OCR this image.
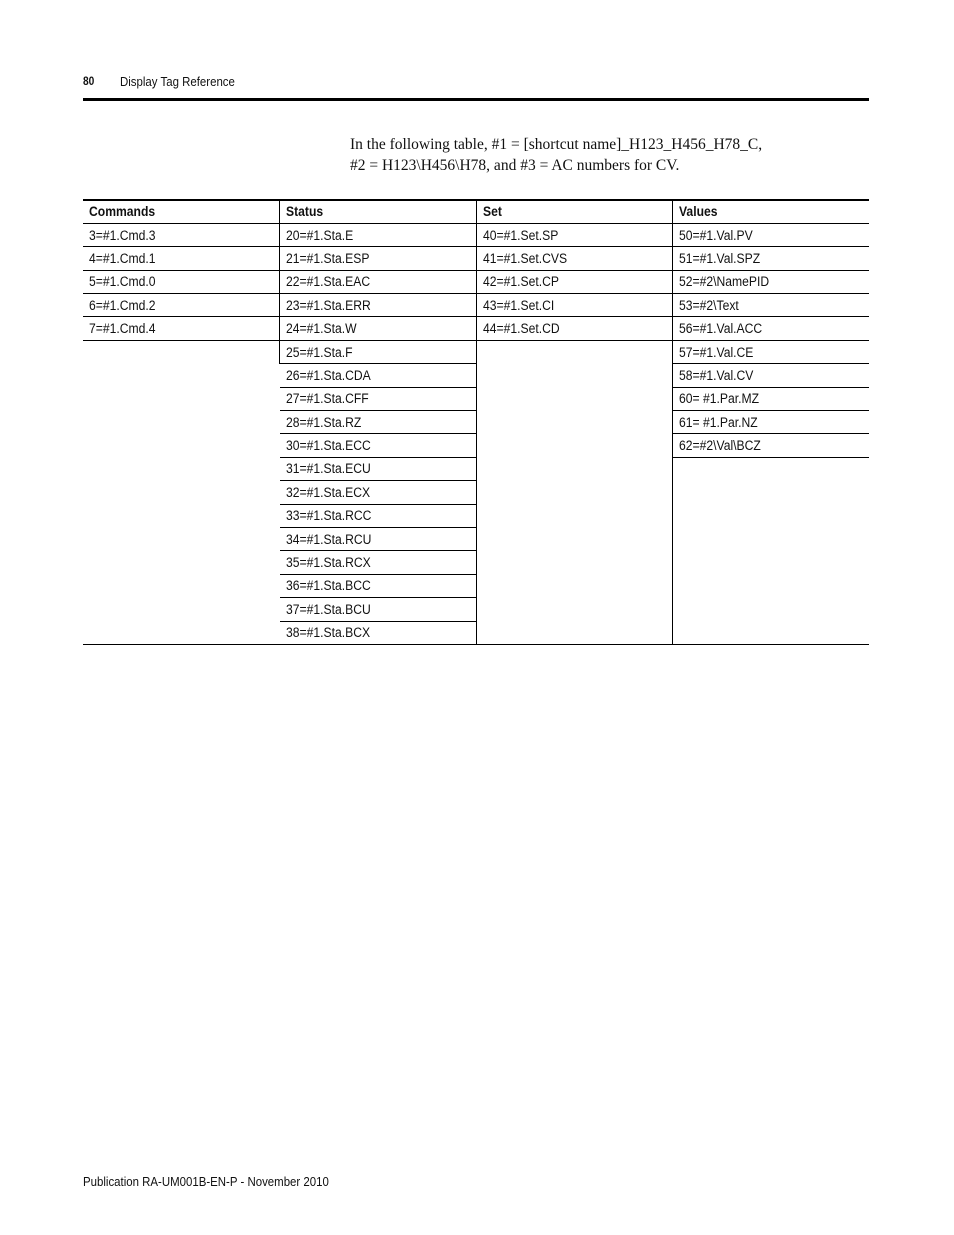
80 Display Tag Reference

In the following table, #1 = [shortcut name]_H123_H456_H78_C,

#2 = H123\H456\H78, and #3 = AC numbers for CV.

Commands	Status	Set	Values
3=#1.Cmd.3	20=#1.Sta.E	40=#1.Set.SP	50=#1.Val.PV
4=#1.Cmd.1	21=#1.Sta.ESP	41=#1.Set.CVS	51=#1.Val.SPZ
5=#1.Cmd.0	22=#1.Sta.EAC	42=#1.Set.CP	52=#2\NamePID
6=#1.Cmd.2	23=#1.Sta.ERR	43=#1.Set.CI	53=#2\Text
7=#1.Cmd.4	24=#1.Sta.W	44=#1.Set.CD	56=#1.Val.ACC
	25=#1.Sta.F		57=#1.Val.CE
	26=#1.Sta.CDA		58=#1.Val.CV
	27=#1.Sta.CFF		60= #1.Par.MZ
	28=#1.Sta.RZ		61= #1.Par.NZ
	30=#1.Sta.ECC		62=#2\Val\BCZ
	31=#1.Sta.ECU		
	32=#1.Sta.ECX		
	33=#1.Sta.RCC		
	34=#1.Sta.RCU		
	35=#1.Sta.RCX		
	36=#1.Sta.BCC		
	37=#1.Sta.BCU		
	38=#1.Sta.BCX		
Publication RA-UM001B-EN-P - November 2010
